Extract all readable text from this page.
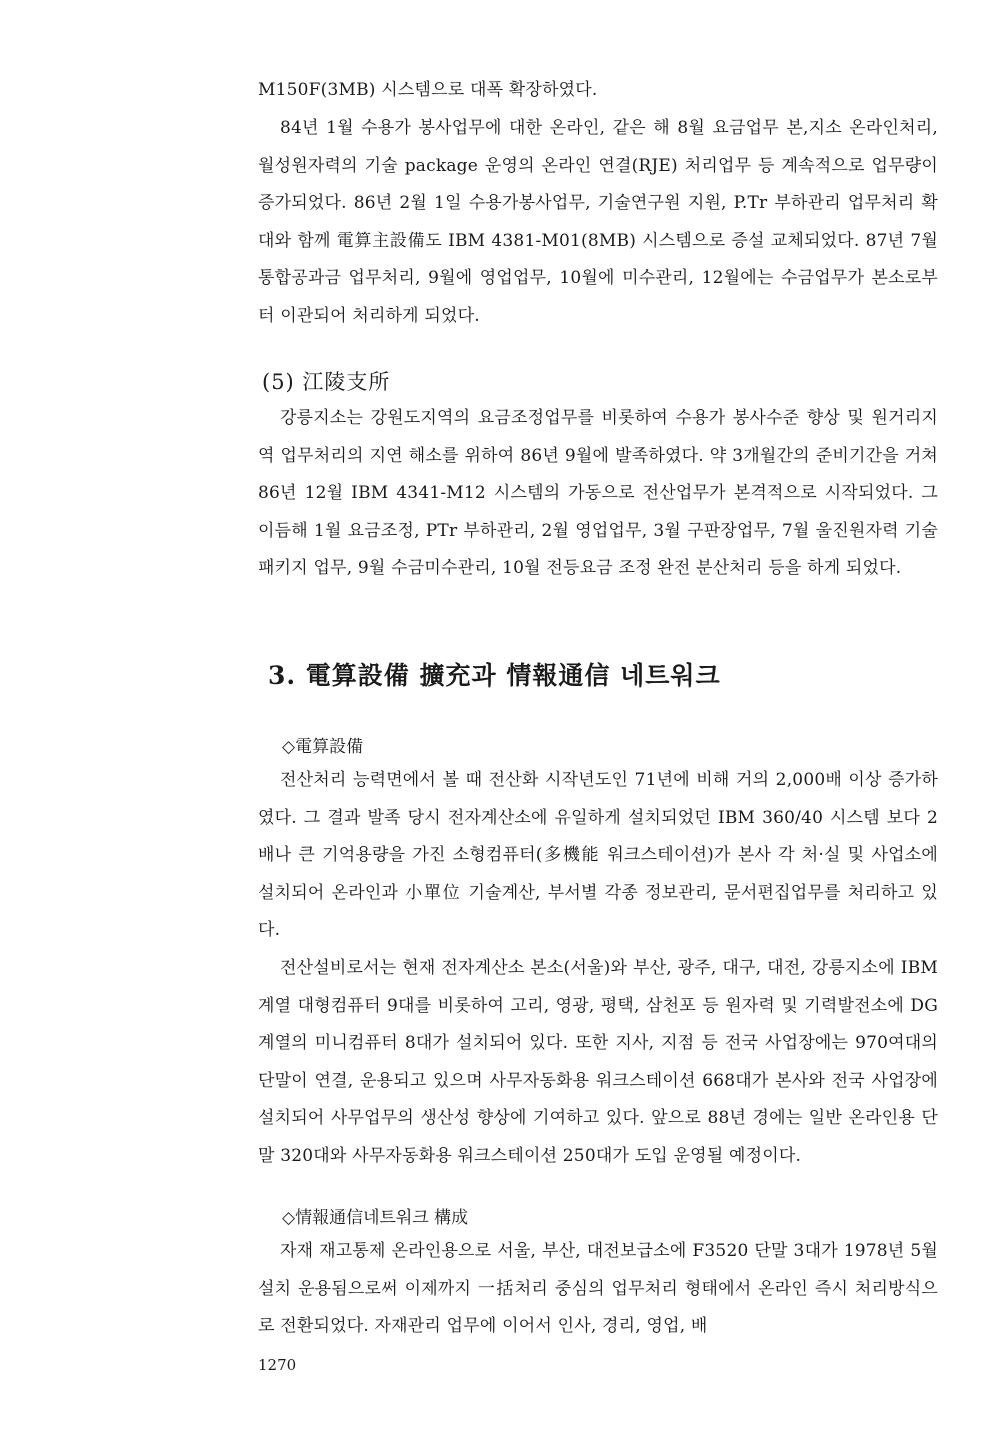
M150F(3MB) 시스템으로 대폭 확장하였다.

84년 1월 수용가 봉사업무에 대한 온라인, 같은 해 8월 요금업무 본,지소 온라인처리, 월성원자력의 기술 package 운영의 온라인 연결(RJE) 처리업무 등 계속적으로 업무량이 증가되었다. 86년 2월 1일 수용가봉사업무, 기술연구원 지원, P.Tr 부하관리 업무처리 확대와 함께 電算主設備도 IBM 4381-M01(8MB) 시스템으로 증설 교체되었다. 87년 7월 통합공과금 업무처리, 9월에 영업업무, 10월에 미수관리, 12월에는 수금업무가 본소로부터 이관되어 처리하게 되었다.

(5) 江陵支所

강릉지소는 강원도지역의 요금조정업무를 비롯하여 수용가 봉사수준 향상 및 원거리지역 업무처리의 지연 해소를 위하여 86년 9월에 발족하였다. 약 3개월간의 준비기간을 거쳐 86년 12월 IBM 4341-M12 시스템의 가동으로 전산업무가 본격적으로 시작되었다. 그 이듬해 1월 요금조정, PTr 부하관리, 2월 영업업무, 3월 구판장업무, 7월 울진원자력 기술 패키지 업무, 9월 수금미수관리, 10월 전등요금 조정 완전 분산처리 등을 하게 되었다.

3. 電算設備 擴充과 情報通信 네트워크
◇電算設備

전산처리 능력면에서 볼 때 전산화 시작년도인 71년에 비해 거의 2,000배 이상 증가하였다. 그 결과 발족 당시 전자계산소에 유일하게 설치되었던 IBM 360/40 시스템 보다 2배나 큰 기억용량을 가진 소형컴퓨터(多機能 워크스테이션)가 본사 각 처·실 및 사업소에 설치되어 온라인과 小單位 기술계산, 부서별 각종 정보관리, 문서편집업무를 처리하고 있다.

전산설비로서는 현재 전자계산소 본소(서울)와 부산, 광주, 대구, 대전, 강릉지소에 IBM계열 대형컴퓨터 9대를 비롯하여 고리, 영광, 평택, 삼천포 등 원자력 및 기력발전소에 DG계열의 미니컴퓨터 8대가 설치되어 있다. 또한 지사, 지점 등 전국 사업장에는 970여대의 단말이 연결, 운용되고 있으며 사무자동화용 워크스테이션 668대가 본사와 전국 사업장에 설치되어 사무업무의 생산성 향상에 기여하고 있다. 앞으로 88년 경에는 일반 온라인용 단말 320대와 사무자동화용 워크스테이션 250대가 도입 운영될 예정이다.

◇情報通信네트워크 構成

자재 재고통제 온라인용으로 서울, 부산, 대전보급소에 F3520 단말 3대가 1978년 5월 설치 운용됨으로써 이제까지 一括처리 중심의 업무처리 형태에서 온라인 즉시 처리방식으로 전환되었다. 자재관리 업무에 이어서 인사, 경리, 영업, 배

1270
